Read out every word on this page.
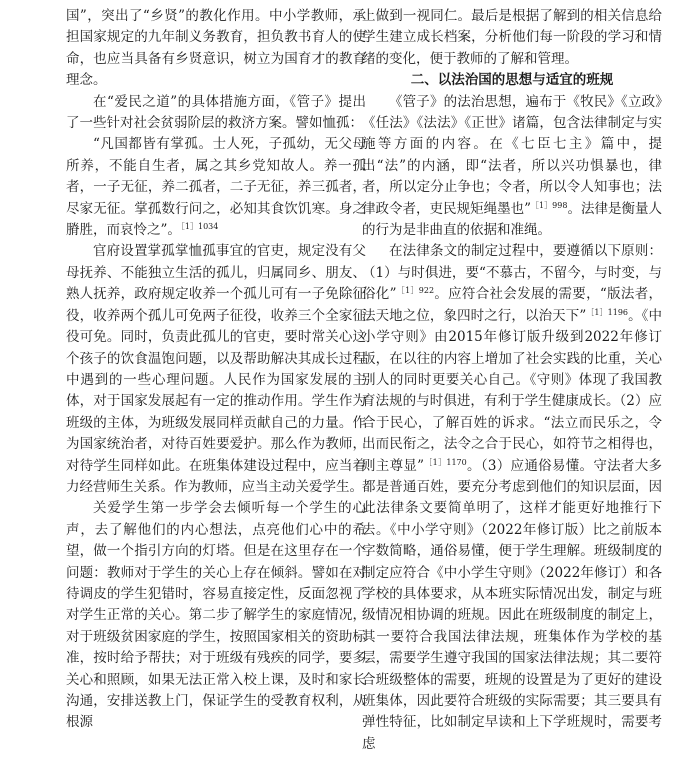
国”，突出了“乡贤”的教化作用。中小学教师，承担国家规定的九年制义务教育，担负教书育人的使命，也应当具备有乡贤意识，树立为国育才的教育理念。

在“爱民之道”的具体措施方面，《管子》提出了一些针对社会贫弱阶层的救济方案。譬如恤孤：

“凡国都皆有掌孤。士人死，子孤幼，无父母所养，不能自生者，属之其乡党知故人。养一孤者，一子无征，养二孤者，二子无征，养三孤者，尽家无征。掌孤数行问之，必知其食饮饥寒。身之膌胜，而哀怜之”。$^{[1]1034}$

官府设置掌孤掌恤孤事宜的官吏，规定没有父母抚养、不能独立生活的孤儿，归属同乡、朋友、熟人抚养，政府规定收养一个孤儿可有一子免除征役，收养两个孤儿可免两子征役，收养三个全家征役可免。同时，负责此孤儿的官吏，要时常关心这个孩子的饮食温饱问题，以及帮助解决其成长过程中遇到的一些心理问题。人民作为国家发展的主体，对于国家发展起有一定的推动作用。学生作为班级的主体，为班级发展同样贡献自己的力量。作为国家统治者，对待百姓要爱护。那么作为教师，对待学生同样如此。在班集体建设过程中，应当着力经营师生关系。作为教师，应当主动关爱学生。

关爱学生第一步学会去倾听每一个学生的心声，去了解他们的内心想法，点亮他们心中的希望，做一个指引方向的灯塔。但是在这里存在一个问题：教师对于学生的关心上存在倾斜。譬如在对待调皮的学生犯错时，容易直接定性，反面忽视了对学生正常的关心。第二步了解学生的家庭情况，对于班级贫困家庭的学生，按照国家相关的资助标准，按时给予帮扶；对于班级有残疾的同学，要多关心和照顾，如果无法正常入校上课，及时和家长沟通，安排送教上门，保证学生的受教育权利，从根源

上做到一视同仁。最后是根据了解到的相关信息给学生建立成长档案，分析他们每一阶段的学习和情绪的变化，便于教师的了解和管理。

二、以法治国的思想与适宜的班规

《管子》的法治思想，遍布于《牧民》《立政》《任法》《法法》《正世》诸篇，包含法律制定与实施等方面的内容。在《七臣七主》篇中，提出“法”的内涵，即“法者，所以兴功惧暴也，律者，所以定分止争也；令者，所以令人知事也；法律政令者，吏民规矩绳墨也”$^{[1]998}$。法律是衡量人的行为是非曲直的依据和准绳。

在法律条文的制定过程中，要遵循以下原则：（1）与时俱进，要“不慕古，不留今，与时变，与俗化”$^{[1]922}$。应符合社会发展的需要，“版法者，法天地之位，象四时之行，以治天下”$^{[1]1196}$。《中小学守则》由2015年修订版升级到2022年修订版，在以往的内容上增加了社会实践的比重，关心别人的同时更要关心自己。《守则》体现了我国教育法规的与时俱进，有利于学生健康成长。（2）应合于民心，了解百姓的诉求。“法立而民乐之，令出而民衔之，法令之合于民心，如符节之相得也，则主尊显”$^{[1]1170}$。（3）应通俗易懂。守法者大多都是普通百姓，要充分考虑到他们的知识层面，因此法律条文要简单明了，这样才能更好地推行下去。《中小学守则》（2022年修订版）比之前版本字数简略，通俗易懂，便于学生理解。班级制度的制定应符合《中小学生守则》（2022年修订）和各学校的具体要求，从本班实际情况出发，制定与班级情况相协调的班规。因此在班级制度的制定上，其一要符合我国法律法规，班集体作为学校的基层，需要学生遵守我国的国家法律法规；其二要符合班级整体的需要，班规的设置是为了更好的建设班集体，因此要符合班级的实际需要；其三要具有弹性特征，比如制定早读和上下学班规时，需要考虑
